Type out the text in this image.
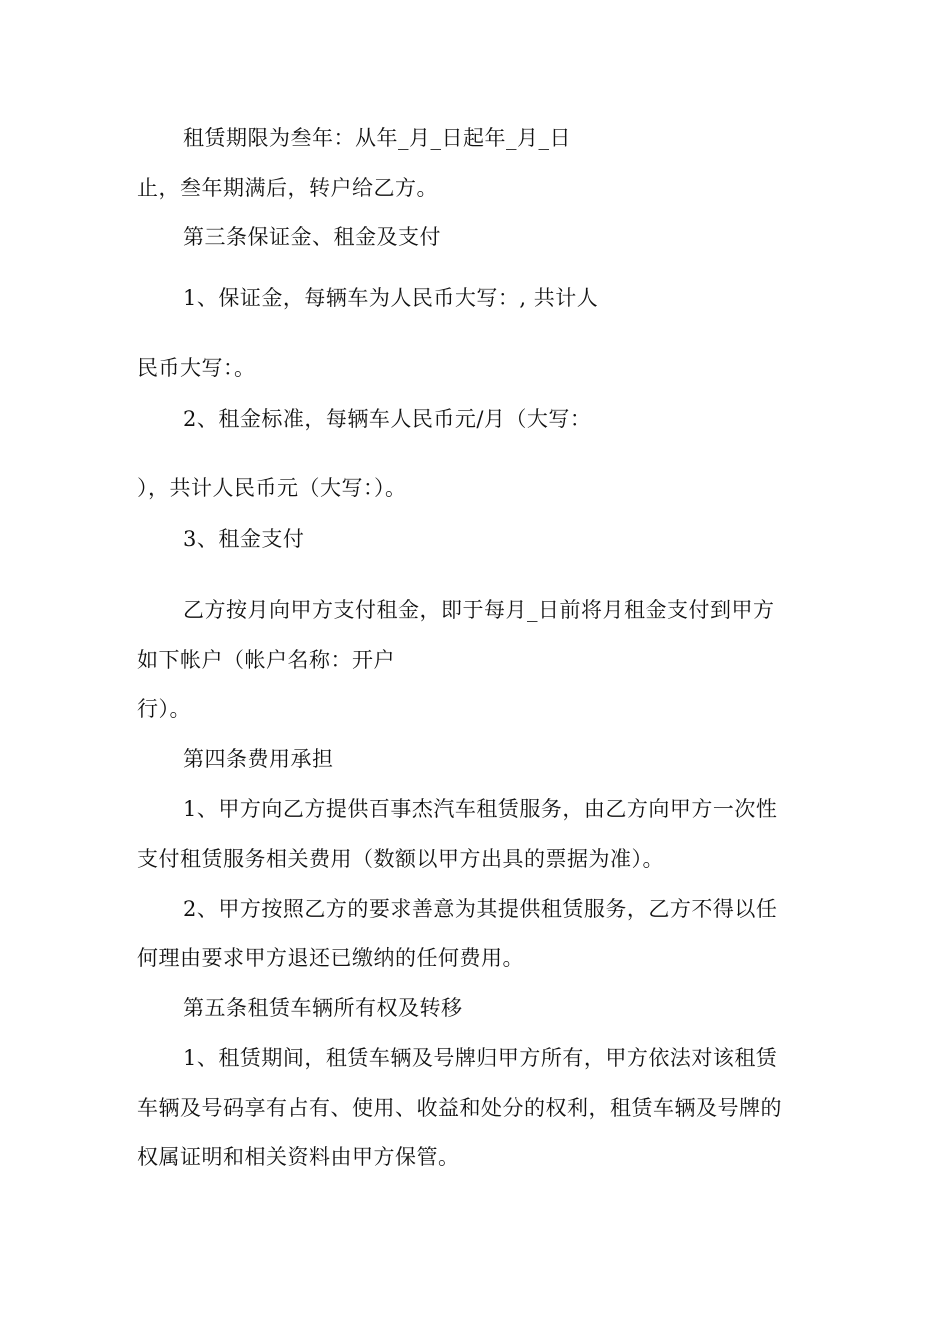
租赁期限为叁年：从年_月_日起年_月_日
止，叁年期满后，转户给乙方。
第三条保证金、租金及支付
1、保证金，每辆车为人民币大写：, 共计人
民币大写：。
2、租金标准，每辆车人民币元/月（大写：
），共计人民币元（大写：）。
3、租金支付
乙方按月向甲方支付租金，即于每月_日前将月租金支付到甲方
如下帐户（帐户名称：开户
行）。
第四条费用承担
1、甲方向乙方提供百事杰汽车租赁服务，由乙方向甲方一次性
支付租赁服务相关费用（数额以甲方出具的票据为准）。
2、甲方按照乙方的要求善意为其提供租赁服务，乙方不得以任
何理由要求甲方退还已缴纳的任何费用。
第五条租赁车辆所有权及转移
1、租赁期间，租赁车辆及号牌归甲方所有，甲方依法对该租赁
车辆及号码享有占有、使用、收益和处分的权利，租赁车辆及号牌的
权属证明和相关资料由甲方保管。
